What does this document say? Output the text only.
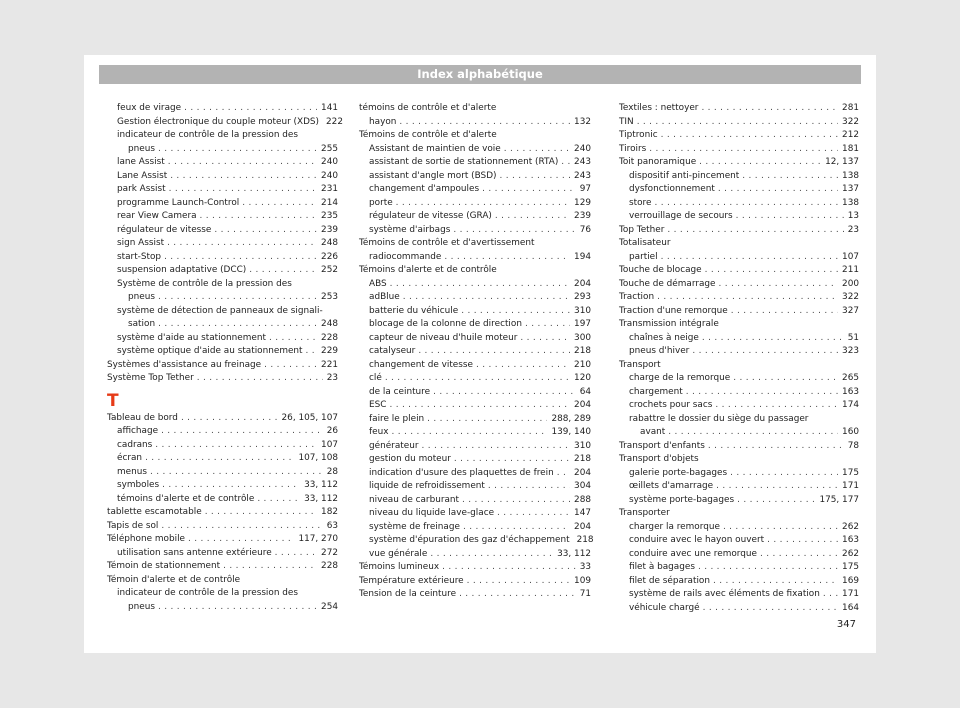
Index alphabétique
feux de virage . . .	141
Gestion électronique du couple moteur (XDS) 222
indicateur de contrôle de la pression des
pneus . . .	255
lane Assist . . .	240
Lane Assist . . .	240
park Assist . . .	231
programme Launch-Control . . .	214
rear View Camera . . .	235
régulateur de vitesse . . .	239
sign Assist . . .	248
start-Stop . . .	226
suspension adaptative (DCC) . . .	252
Système de contrôle de la pression des
pneus . . .	253
système de détection de panneaux de signali-
sation . . .	248
système d'aide au stationnement . . .	228
système optique d'aide au stationnement . . .	229
Systèmes d'assistance au freinage . . .	221
Système Top Tether . . .	23
T
Tableau de bord . . .	26, 105, 107
affichage . . .	26
cadrans . . .	107
écran . . .	107, 108
menus . . .	28
symboles . . .	33, 112
témoins d'alerte et de contrôle . . .	33, 112
tablette escamotable . . .	182
Tapis de sol . . .	63
Téléphone mobile . . .	117, 270
utilisation sans antenne extérieure . . .	272
Témoin de stationnement . . .	228
Témoin d'alerte et de contrôle
indicateur de contrôle de la pression des
pneus . . .	254
témoins de contrôle et d'alerte
hayon . . .	132
Témoins de contrôle et d'alerte
Assistant de maintien de voie . . .	240
assistant de sortie de stationnement (RTA) . . .	243
assistant d'angle mort (BSD) . . .	243
changement d'ampoules . . .	97
porte . . .	129
régulateur de vitesse (GRA) . . .	239
système d'airbags . . .	76
Témoins de contrôle et d'avertissement
radiocommande . . .	194
Témoins d'alerte et de contrôle
ABS . . .	204
adBlue . . .	293
batterie du véhicule . . .	310
blocage de la colonne de direction . . .	197
capteur de niveau d'huile moteur . . .	300
catalyseur . . .	218
changement de vitesse . . .	210
clé . . .	120
de la ceinture . . .	64
ESC . . .	204
faire le plein . . .	288, 289
feux . . .	139, 140
générateur . . .	310
gestion du moteur . . .	218
indication d'usure des plaquettes de frein . . .	204
liquide de refroidissement . . .	304
niveau de carburant . . .	288
niveau du liquide lave-glace . . .	147
système de freinage . . .	204
système d'épuration des gaz d'échappement 218
vue générale . . .	33, 112
Témoins lumineux . . .	33
Température extérieure . . .	109
Tension de la ceinture . . .	71
Textiles : nettoyer . . .	281
TIN . . .	322
Tiptronic . . .	212
Tiroirs . . .	181
Toit panoramique . . .	12, 137
dispositif anti-pincement . . .	138
dysfonctionnement . . .	137
store . . .	138
verrouillage de secours . . .	13
Top Tether . . .	23
Totalisateur
partiel . . .	107
Touche de blocage . . .	211
Touche de démarrage . . .	200
Traction . . .	322
Traction d'une remorque . . .	327
Transmission intégrale
chaînes à neige . . .	51
pneus d'hiver . . .	323
Transport
charge de la remorque . . .	265
chargement . . .	163
crochets pour sacs . . .	174
rabattre le dossier du siège du passager
avant . . .	160
Transport d'enfants . . .	78
Transport d'objets
galerie porte-bagages . . .	175
œillets d'amarrage . . .	171
système porte-bagages . . .	175, 177
Transporter
charger la remorque . . .	262
conduire avec le hayon ouvert . . .	163
conduire avec une remorque . . .	262
filet à bagages . . .	175
filet de séparation . . .	169
système de rails avec éléments de fixation . . .	171
véhicule chargé . . .	164
347
